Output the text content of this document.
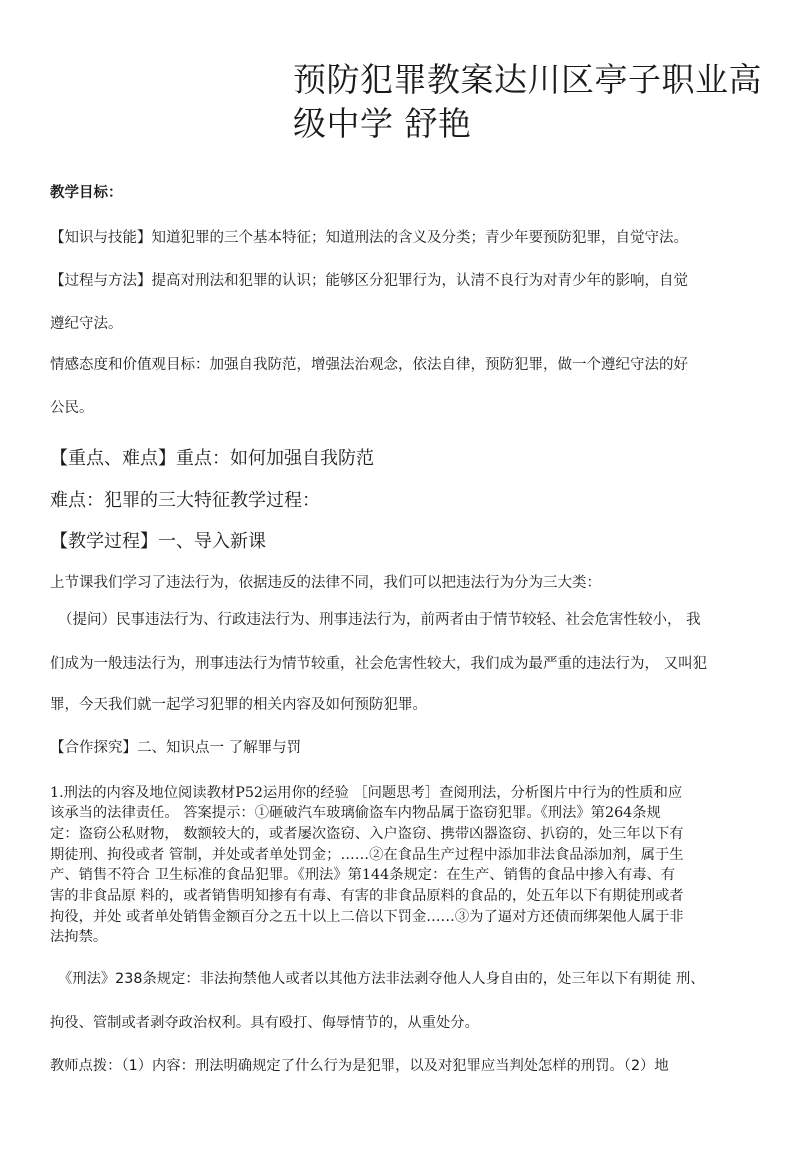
预防犯罪教案达川区亭子职业高
级中学 舒艳
教学目标：
【知识与技能】知道犯罪的三个基本特征；知道刑法的含义及分类；青少年要预防犯罪，自觉守法。
【过程与方法】提高对刑法和犯罪的认识；能够区分犯罪行为，认清不良行为对青少年的影响，自觉
遵纪守法。
情感态度和价值观目标：加强自我防范，增强法治观念，依法自律，预防犯罪，做一个遵纪守法的好
公民。
【重点、难点】重点：如何加强自我防范
难点：犯罪的三大特征教学过程：
【教学过程】一、导入新课
上节课我们学习了违法行为，依据违反的法律不同，我们可以把违法行为分为三大类：
（提问）民事违法行为、行政违法行为、刑事违法行为，前两者由于情节较轻、社会危害性较小， 我
们成为一般违法行为，刑事违法行为情节较重，社会危害性较大，我们成为最严重的违法行为， 又叫犯
罪，今天我们就一起学习犯罪的相关内容及如何预防犯罪。
【合作探究】二、知识点一 了解罪与罚
1.刑法的内容及地位阅读教材P52运用你的经验 ［问题思考］查阅刑法，分析图片中行为的性质和应
该承当的法律责任。 答案提示：①砸破汽车玻璃偷盗车内物品属于盗窃犯罪。《刑法》第264条规
定：盗窃公私财物， 数额较大的，或者屡次盗窃、入户盗窃、携带凶器盗窃、扒窃的，处三年以下有
期徒刑、拘役或者 管制，并处或者单处罚金；……②在食品生产过程中添加非法食品添加剂，属于生
产、销售不符合 卫生标准的食品犯罪。《刑法》第144条规定：在生产、销售的食品中掺入有毒、有
害的非食品原 料的，或者销售明知掺有有毒、有害的非食品原料的食品的，处五年以下有期徒刑或者
拘役，并处 或者单处销售金额百分之五十以上二倍以下罚金……③为了逼对方还债而绑架他人属于非
法拘禁。
《刑法》238条规定：非法拘禁他人或者以其他方法非法剥夺他人人身自由的，处三年以下有期徒 刑、
拘役、管制或者剥夺政治权利。具有殴打、侮辱情节的，从重处分。
教师点拨：（1）内容：刑法明确规定了什么行为是犯罪，以及对犯罪应当判处怎样的刑罚。（2）地
